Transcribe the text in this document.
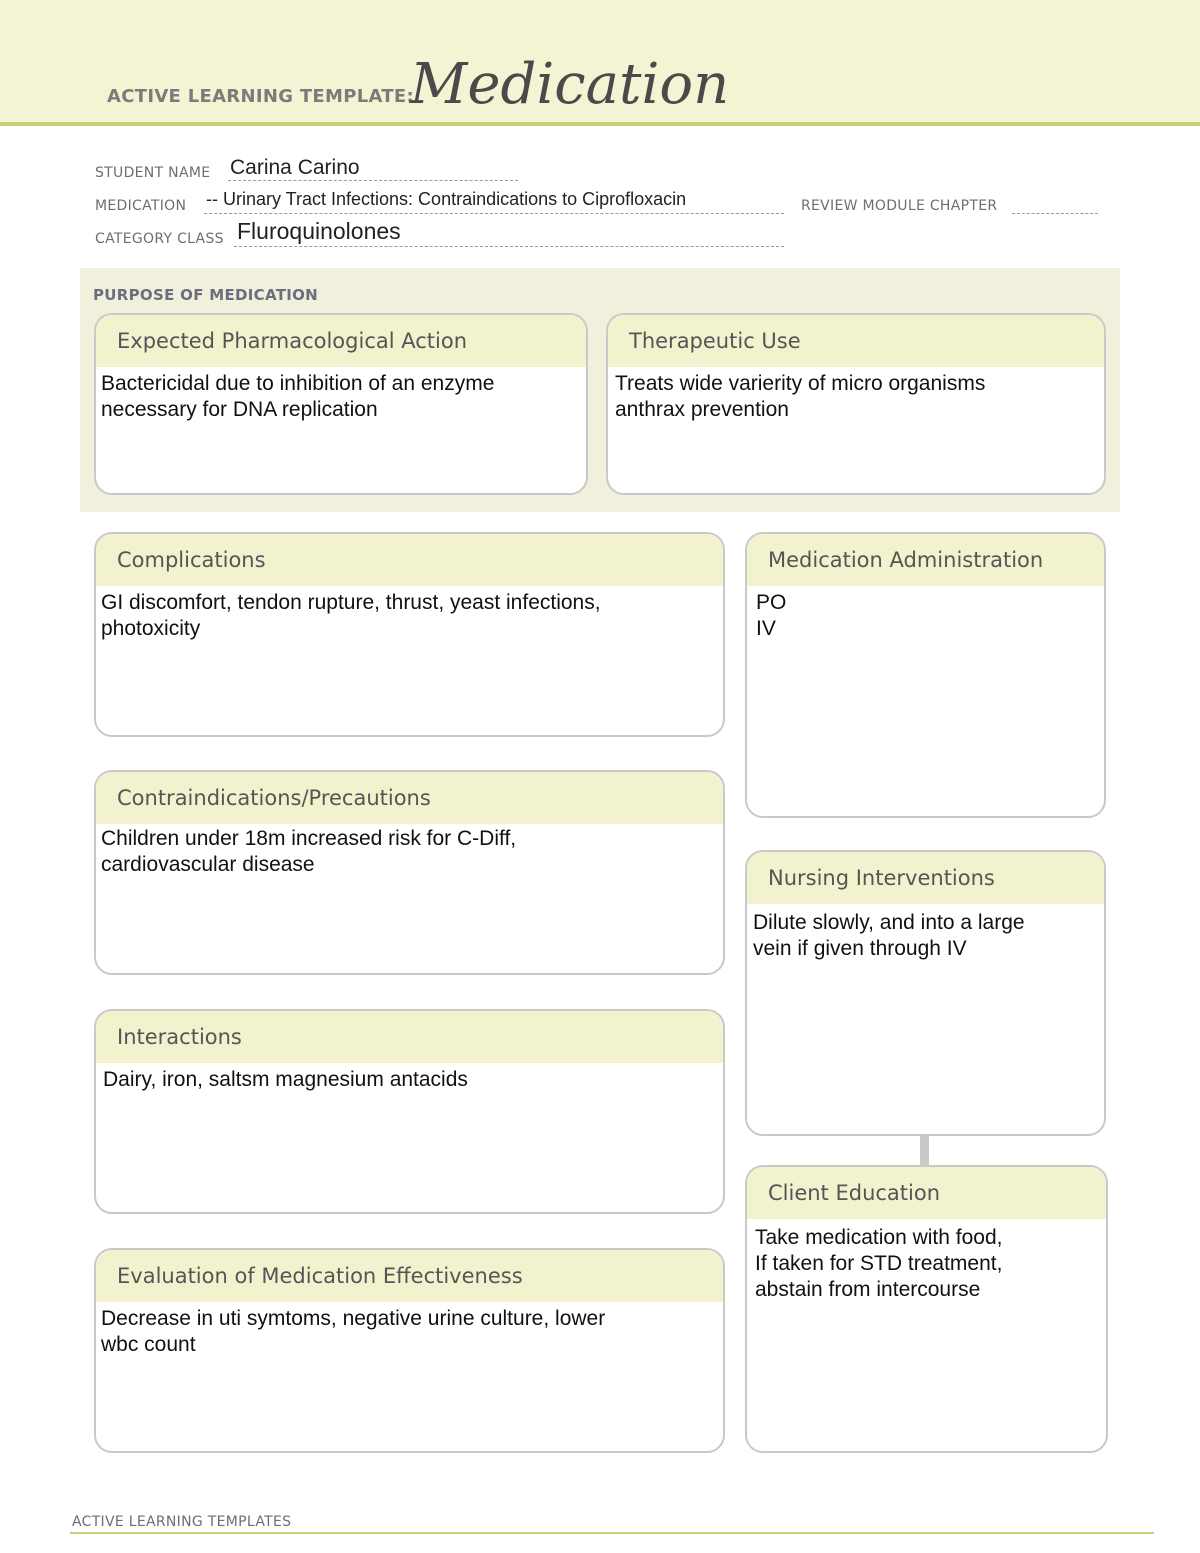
ACTIVE LEARNING TEMPLATE:
Medication
STUDENT NAME Carina Carino
MEDICATION -- Urinary Tract Infections: Contraindications to Ciprofloxacin	REVIEW MODULE CHAPTER
CATEGORY CLASS Fluroquinolones
PURPOSE OF MEDICATION
Expected Pharmacological Action
Bactericidal due to inhibition of an enzyme
necessary for DNA replication
Therapeutic Use
Treats wide varierity of micro organisms
anthrax prevention
Complications
GI discomfort, tendon rupture, thrust, yeast infections,
photoxicity
Contraindications/Precautions
Children under 18m increased risk for C-Diff,
cardiovascular disease
Interactions
Dairy, iron, saltsm magnesium antacids
Evaluation of Medication Effectiveness
Decrease in uti symtoms, negative urine culture, lower
wbc count
Medication Administration
PO
IV
Nursing Interventions
Dilute slowly, and into a large
vein if given through IV
Client Education
Take medication with food,
If taken for STD treatment,
abstain from intercourse
ACTIVE LEARNING TEMPLATES
